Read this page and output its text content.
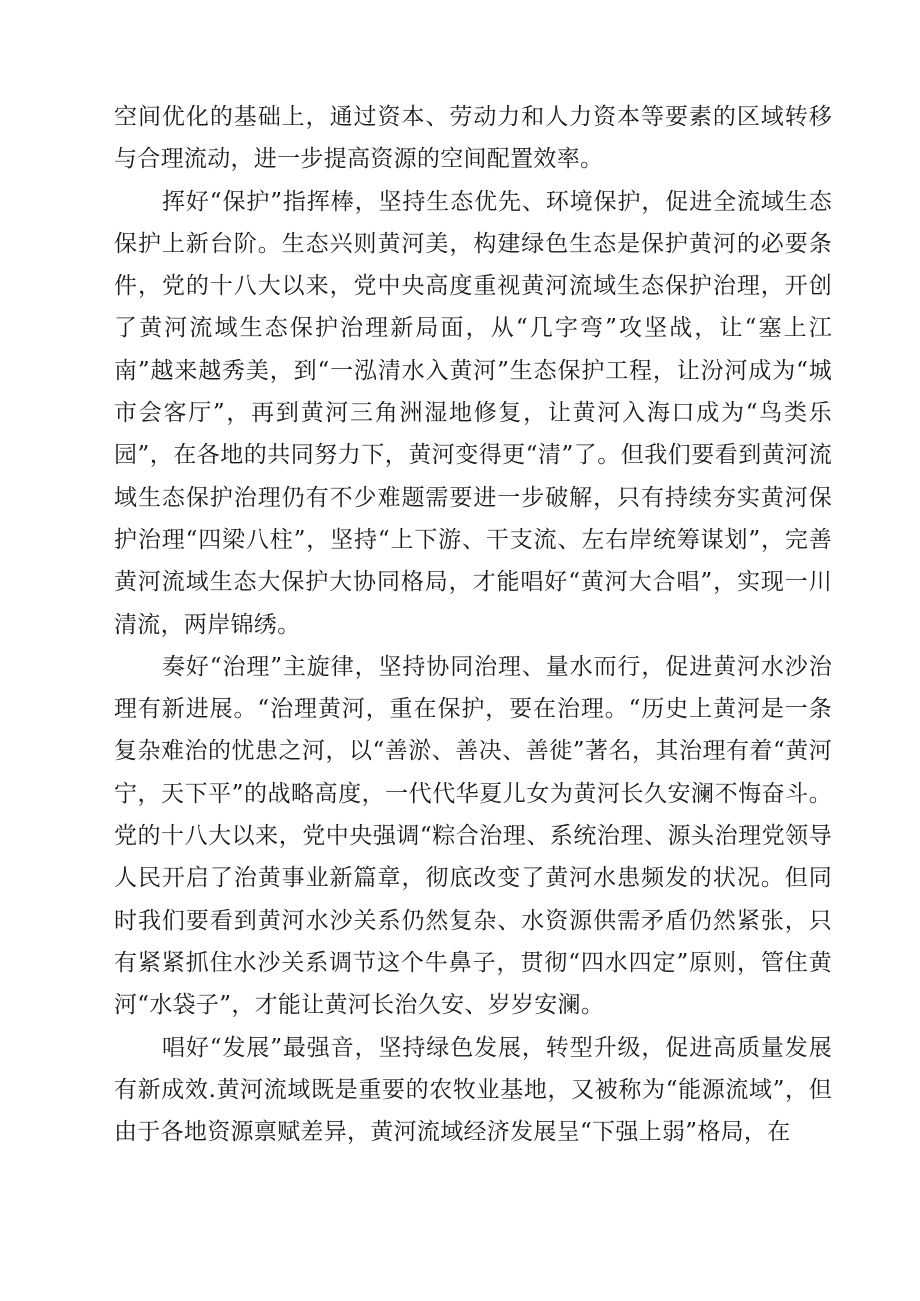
空间优化的基础上，通过资本、劳动力和人力资本等要素的区域转移与合理流动，进一步提高资源的空间配置效率。

挥好“保护”指挥棒，坚持生态优先、环境保护，促进全流域生态保护上新台阶。生态兴则黄河美，构建绿色生态是保护黄河的必要条件，党的十八大以来，党中央高度重视黄河流域生态保护治理，开创了黄河流域生态保护治理新局面，从“几字弯”攻坚战，让“塞上江南”越来越秀美，到“一泓清水入黄河”生态保护工程，让汾河成为“城市会客厅”，再到黄河三角洲湿地修复，让黄河入海口成为“鸟类乐园”，在各地的共同努力下，黄河变得更“清”了。但我们要看到黄河流域生态保护治理仍有不少难题需要进一步破解，只有持续夯实黄河保护治理“四梁八柱”，坚持“上下游、干支流、左右岸统筹谋划”，完善黄河流域生态大保护大协同格局，才能唱好“黄河大合唱”，实现一川清流，两岸锦绣。

奏好“治理”主旋律，坚持协同治理、量水而行，促进黄河水沙治理有新进展。“治理黄河，重在保护，要在治理。“历史上黄河是一条复杂难治的忧患之河，以“善淤、善决、善徙”著名，其治理有着“黄河宁，天下平”的战略高度，一代代华夏儿女为黄河长久安澜不悔奋斗。党的十八大以来，党中央强调“粽合治理、系统治理、源头治理党领导人民开启了治黄事业新篇章，彻底改变了黄河水患频发的状况。但同时我们要看到黄河水沙关系仍然复杂、水资源供需矛盾仍然紧张，只有紧紧抓住水沙关系调节这个牛鼻子，贯彻“四水四定”原则，管住黄河“水袋子”，才能让黄河长治久安、岁岁安澜。

唱好“发展”最强音，坚持绿色发展，转型升级，促进高质量发展有新成效.黄河流域既是重要的农牧业基地，又被称为“能源流域”，但由于各地资源禀赋差异，黄河流域经济发展呈“下强上弱”格局，在
